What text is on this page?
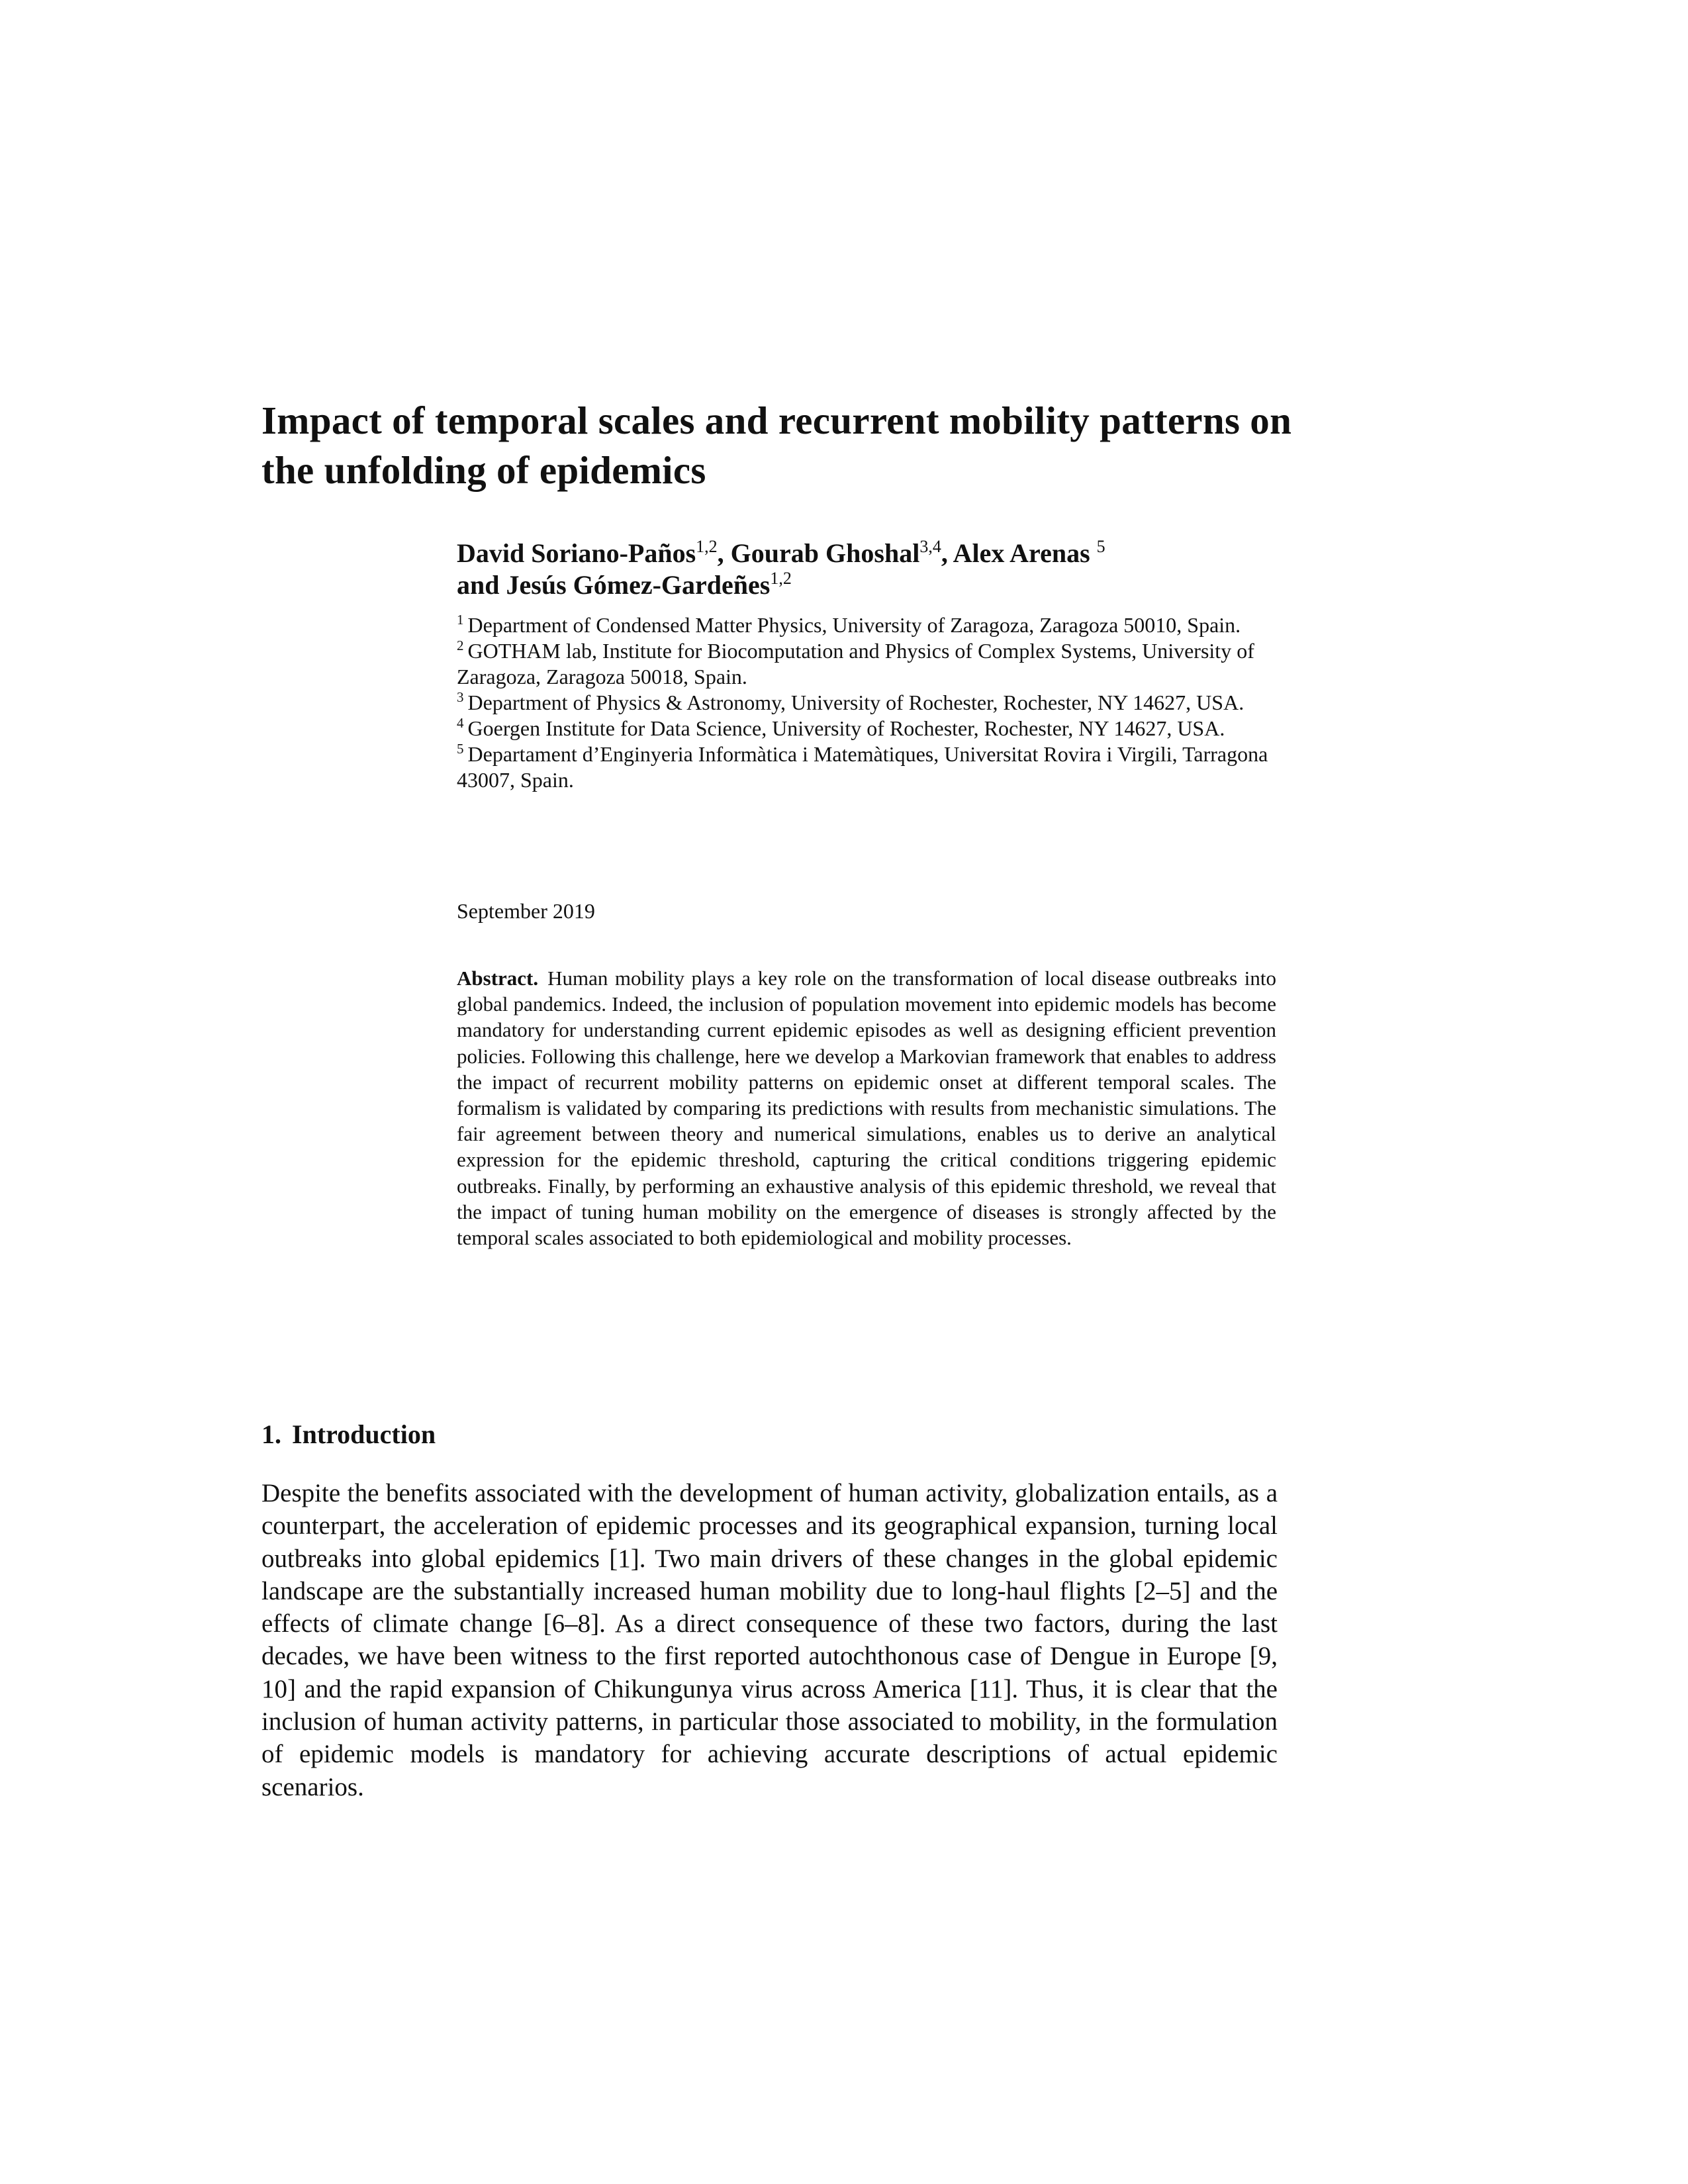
Impact of temporal scales and recurrent mobility patterns on the unfolding of epidemics

David Soriano-Paños$^{1,2}$, Gourab Ghoshal$^{3,4}$, Alex Arenas $^5$
and Jesús Gómez-Gardeñes$^{1,2}$

$^1$ Department of Condensed Matter Physics, University of Zaragoza, Zaragoza 50010, Spain.
$^2$ GOTHAM lab, Institute for Biocomputation and Physics of Complex Systems, University of Zaragoza, Zaragoza 50018, Spain.
$^3$ Department of Physics & Astronomy, University of Rochester, Rochester, NY 14627, USA.
$^4$ Goergen Institute for Data Science, University of Rochester, Rochester, NY 14627, USA.
$^5$ Departament d’Enginyeria Informàtica i Matemàtiques, Universitat Rovira i Virgili, Tarragona 43007, Spain.
September 2019

Abstract. Human mobility plays a key role on the transformation of local disease outbreaks into global pandemics. Indeed, the inclusion of population movement into epidemic models has become mandatory for understanding current epidemic episodes as well as designing efficient prevention policies. Following this challenge, here we develop a Markovian framework that enables to address the impact of recurrent mobility patterns on epidemic onset at different temporal scales. The formalism is validated by comparing its predictions with results from mechanistic simulations. The fair agreement between theory and numerical simulations, enables us to derive an analytical expression for the epidemic threshold, capturing the critical conditions triggering epidemic outbreaks. Finally, by performing an exhaustive analysis of this epidemic threshold, we reveal that the impact of tuning human mobility on the emergence of diseases is strongly affected by the temporal scales associated to both epidemiological and mobility processes.

1. Introduction

Despite the benefits associated with the development of human activity, globalization entails, as a counterpart, the acceleration of epidemic processes and its geographical expansion, turning local outbreaks into global epidemics [1]. Two main drivers of these changes in the global epidemic landscape are the substantially increased human mobility due to long-haul flights [2–5] and the effects of climate change [6–8]. As a direct consequence of these two factors, during the last decades, we have been witness to the first reported autochthonous case of Dengue in Europe [9, 10] and the rapid expansion of Chikungunya virus across America [11]. Thus, it is clear that the inclusion of human activity patterns, in particular those associated to mobility, in the formulation of epidemic models is mandatory for achieving accurate descriptions of actual epidemic scenarios.
